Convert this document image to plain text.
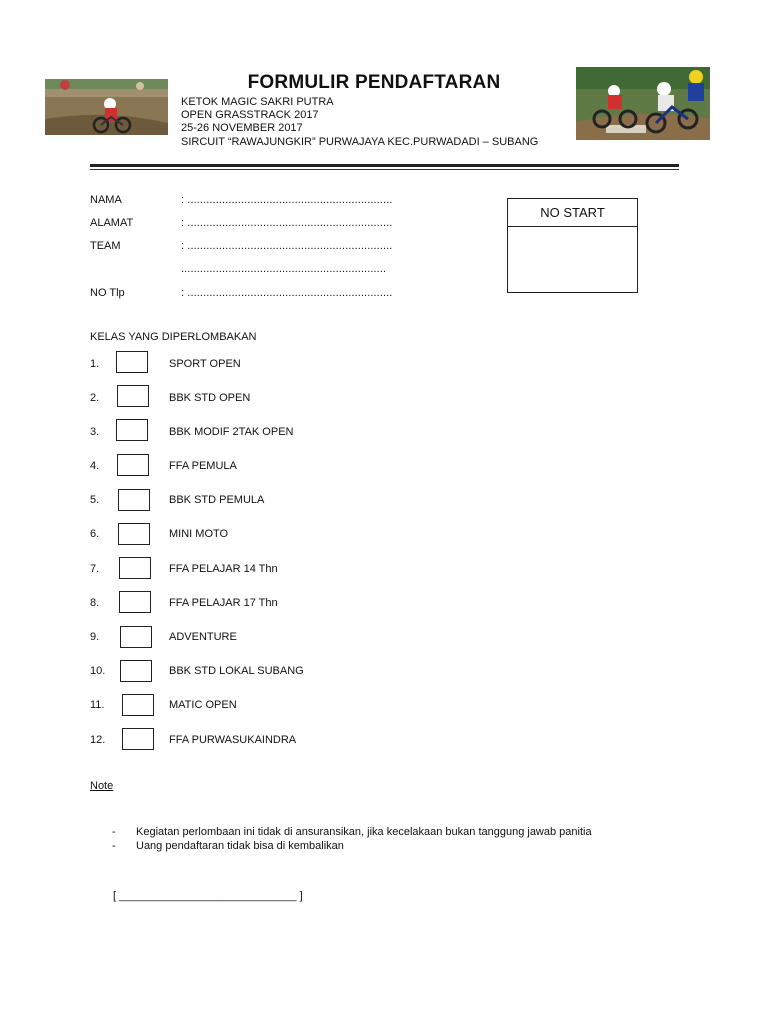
FORMULIR PENDAFTARAN
KETOK MAGIC SAKRI PUTRA
OPEN GRASSTRACK 2017
25-26 NOVEMBER 2017
SIRCUIT “RAWAJUNGKIR” PURWAJAYA KEC.PURWADADI – SUBANG
NAMA	: .................................................................
ALAMAT	: .................................................................
TEAM	: .................................................................
.................................................................
NO Tlp	: .................................................................
NO START
KELAS YANG DIPERLOMBAKAN
1.	SPORT OPEN
2.	BBK STD OPEN
3.	BBK MODIF 2TAK OPEN
4.	FFA PEMULA
5.	BBK STD PEMULA
6.	MINI MOTO
7.	FFA PELAJAR 14 Thn
8.	FFA PELAJAR 17 Thn
9.	ADVENTURE
10.	BBK STD LOKAL SUBANG
11.	MATIC OPEN
12.	FFA PURWASUKAINDRA
Note
- Kegiatan perlombaan ini tidak di ansuransikan, jika kecelakaan bukan tanggung jawab panitia
- Uang pendaftaran tidak bisa di kembalikan
[ _____________________________ ]
